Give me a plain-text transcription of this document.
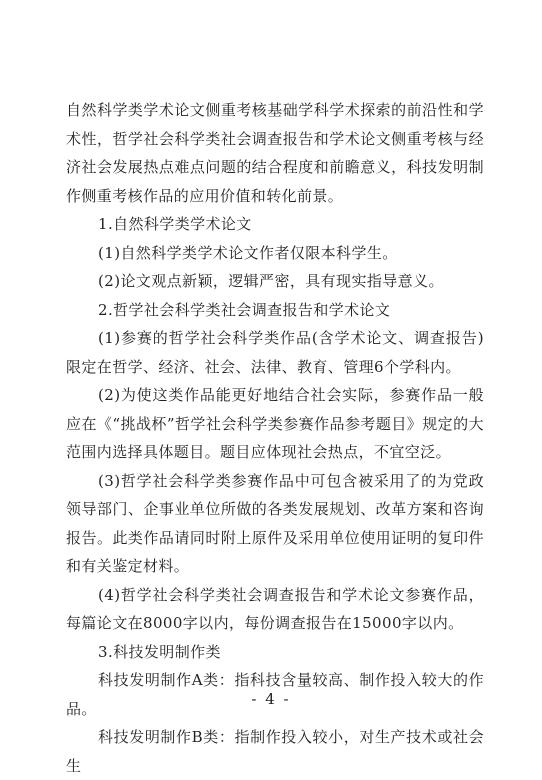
自然科学类学术论文侧重考核基础学科学术探索的前沿性和学术性，哲学社会科学类社会调查报告和学术论文侧重考核与经济社会发展热点难点问题的结合程度和前瞻意义，科技发明制作侧重考核作品的应用价值和转化前景。

1.自然科学类学术论文

(1)自然科学类学术论文作者仅限本科学生。

(2)论文观点新颖，逻辑严密，具有现实指导意义。

2.哲学社会科学类社会调查报告和学术论文

(1)参赛的哲学社会科学类作品(含学术论文、调查报告)限定在哲学、经济、社会、法律、教育、管理6个学科内。

(2)为使这类作品能更好地结合社会实际，参赛作品一般应在《“挑战杯”哲学社会科学类参赛作品参考题目》规定的大范围内选择具体题目。题目应体现社会热点，不宜空泛。

(3)哲学社会科学类参赛作品中可包含被采用了的为党政领导部门、企事业单位所做的各类发展规划、改革方案和咨询报告。此类作品请同时附上原件及采用单位使用证明的复印件和有关鉴定材料。

(4)哲学社会科学类社会调查报告和学术论文参赛作品，每篇论文在8000字以内，每份调查报告在15000字以内。

3.科技发明制作类

科技发明制作A类：指科技含量较高、制作投入较大的作品。

科技发明制作B类：指制作投入较小，对生产技术或社会生

- 4 -
